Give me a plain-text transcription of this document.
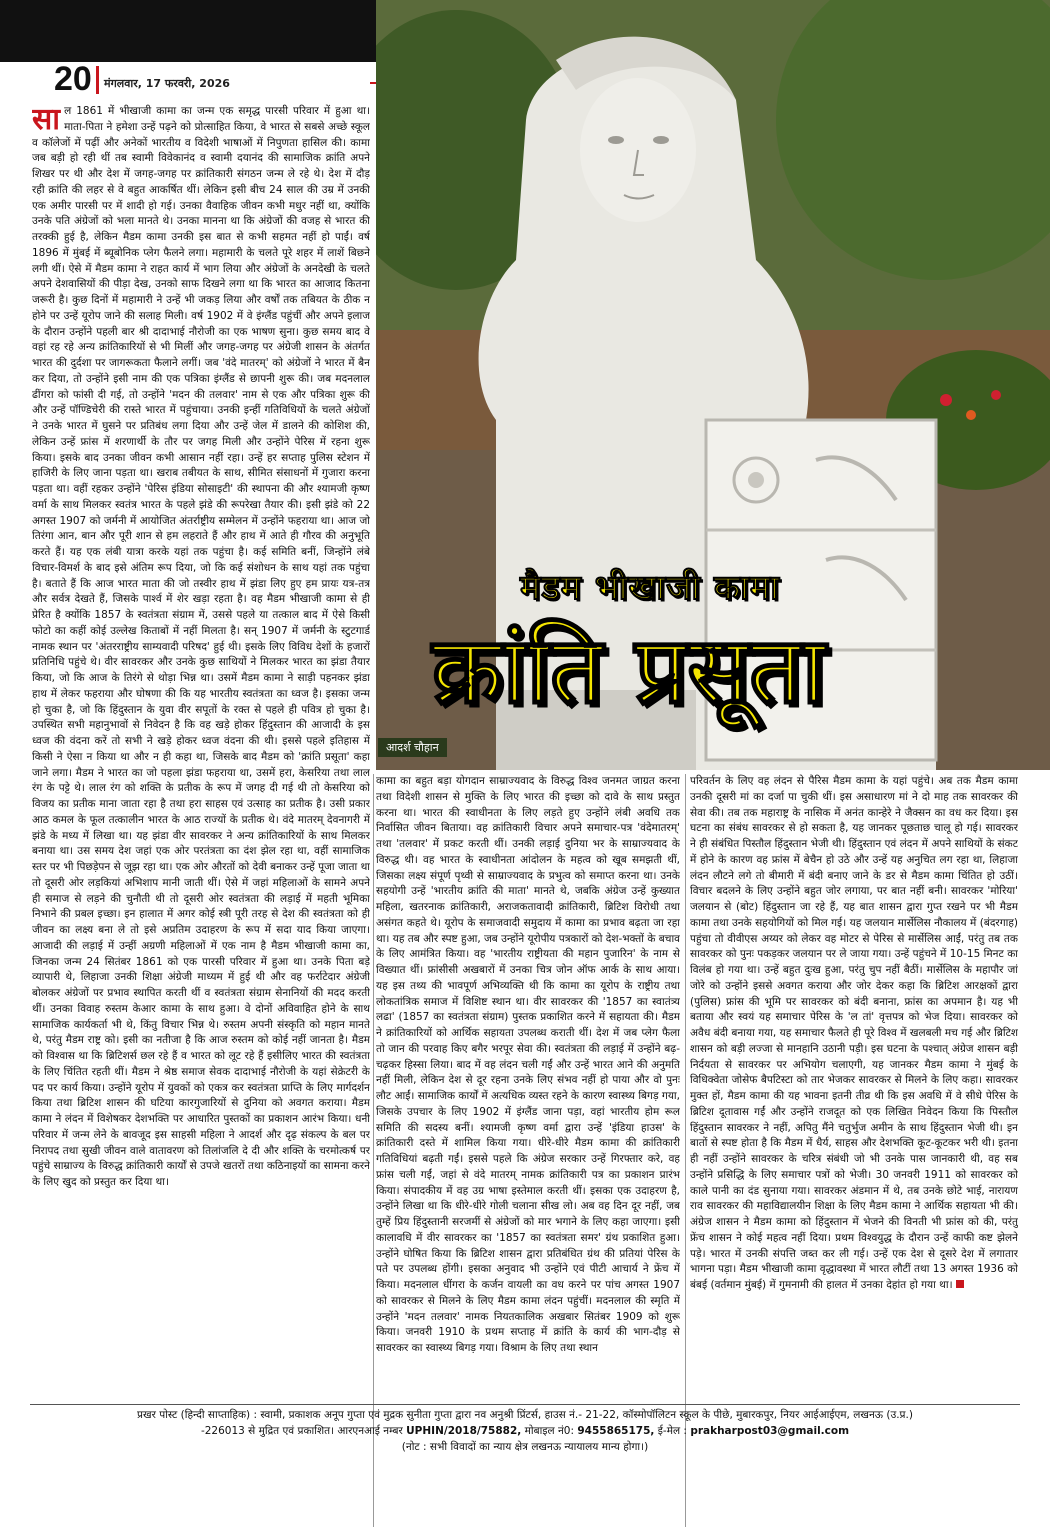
20 मंगलवार, 17 फरवरी, 2026
आदर्श चौहान
मैडम भीखाजी कामा
क्रांति प्रसूता
साल 1861 में भीखाजी कामा का जन्म एक समृद्ध पारसी परिवार में हुआ था। माता-पिता ने हमेशा उन्हें पढ़ने को प्रोत्साहित किया, वे भारत से सबसे अच्छे स्कूल व कॉलेजों में पढ़ीं और अनेकों भारतीय व विदेशी भाषाओं में निपुणता हासिल की। कामा जब बड़ी हो रही थीं तब स्वामी विवेकानंद व स्वामी दयानंद की सामाजिक क्रांति अपने शिखर पर थी और देश में जगह-जगह पर क्रांतिकारी संगठन जन्म ले रहे थे। देश में दौड़ रही क्रांति की लहर से वे बहुत आकर्षित थीं। लेकिन इसी बीच 24 साल की उम्र में उनकी एक अमीर पारसी पर में शादी हो गई। उनका वैवाहिक जीवन कभी मधुर नहीं था, क्योंकि उनके पति अंग्रेजों को भला मानते थे। उनका मानना था कि अंग्रेजों की वजह से भारत की तरक्की हुई है, लेकिन मैडम कामा उनकी इस बात से कभी सहमत नहीं हो पाईं। वर्ष 1896 में मुंबई में ब्यूबोनिक प्लेग फैलने लगा। महामारी के चलते पूरे शहर में लाशें बिछने लगी थीं। ऐसे में मैडम कामा ने राहत कार्य में भाग लिया और अंग्रेजों के अनदेखी के चलते अपने देशवासियों की पीड़ा देख, उनको साफ दिखने लगा था कि भारत का आजाद कितना जरूरी है। कुछ दिनों में महामारी ने उन्हें भी जकड़ लिया और वर्षों तक तबियत के ठीक न होने पर उन्हें यूरोप जाने की सलाह मिली। वर्ष 1902 में वे इंग्लैंड पहुंचीं और अपने इलाज के दौरान उन्होंने पहली बार श्री दादाभाई नौरोजी का एक भाषण सुना। कुछ समय बाद वे वहां रह रहे अन्य क्रांतिकारियों से भी मिलीं और जगह-जगह पर अंग्रेजी शासन के अंतर्गत भारत की दुर्दशा पर जागरूकता फैलाने लगीं। जब 'वंदे मातरम्' को अंग्रेजों ने भारत में बैन कर दिया, तो उन्होंने इसी नाम की एक पत्रिका इंग्लैंड से छापनी शुरू की। जब मदनलाल ढींगरा को फांसी दी गई, तो उन्होंने 'मदन की तलवार' नाम से एक और पत्रिका शुरू की और उन्हें पॉण्डिचेरी की रास्ते भारत में पहुंचाया। उनकी इन्हीं गतिविधियों के चलते अंग्रेजों ने उनके भारत में घुसने पर प्रतिबंध लगा दिया और उन्हें जेल में डालने की कोशिश की, लेकिन उन्हें फ्रांस में शरणार्थी के तौर पर जगह मिली और उन्होंने पेरिस में रहना शुरू किया। इसके बाद उनका जीवन कभी आसान नहीं रहा। उन्हें हर सप्ताह पुलिस स्टेशन में हाजिरी के लिए जाना पड़ता था। खराब तबीयत के साथ, सीमित संसाधनों में गुजारा करना पड़ता था। वहीं रहकर उन्होंने 'पेरिस इंडिया सोसाइटी' की स्थापना की और श्यामजी कृष्ण वर्मा के साथ मिलकर स्वतंत्र भारत के पहले झंडे की रूपरेखा तैयार की। इसी झंडे को 22 अगस्त 1907 को जर्मनी में आयोजित अंतर्राष्ट्रीय सम्मेलन में उन्होंने फहराया था। आज जो तिरंगा आन, बान और पूरी शान से हम लहराते हैं और हाथ में आते ही गौरव की अनुभूति करते हैं। यह एक लंबी यात्रा करके यहां तक पहुंचा है। कई समिति बनीं, जिन्होंने लंबे विचार-विमर्श के बाद इसे अंतिम रूप दिया, जो कि कई संशोधन के साथ यहां तक पहुंचा है। बताते हैं कि आज भारत माता की जो तस्वीर हाथ में झंडा लिए हुए हम प्रायः यत्र-तत्र और सर्वत्र देखते हैं, जिसके पार्श्व में शेर खड़ा रहता है। वह मैडम भीखाजी कामा से ही प्रेरित है क्योंकि 1857 के स्वतंत्रता संग्राम में, उससे पहले या तत्काल बाद में ऐसे किसी फोटो का कहीं कोई उल्लेख किताबों में नहीं मिलता है। सन् 1907 में जर्मनी के स्टुटगार्ड नामक स्थान पर 'अंतरराष्ट्रीय साम्यवादी परिषद' हुई थी। इसके लिए विविध देशों के हजारों प्रतिनिधि पहुंचे थे। वीर सावरकर और उनके कुछ साथियों ने मिलकर भारत का झंडा तैयार किया, जो कि आज के तिरंगे से थोड़ा भिन्न था। उसमें मैडम कामा ने साड़ी पहनकर झंडा हाथ में लेकर फहराया और घोषणा की कि यह भारतीय स्वतंत्रता का ध्वज है। इसका जन्म हो चुका है, जो कि हिंदुस्तान के युवा वीर सपूतों के रक्त से पहले ही पवित्र हो चुका है। उपस्थित सभी महानुभावों से निवेदन है कि वह खड़े होकर हिंदुस्तान की आजादी के इस ध्वज की वंदना करें तो सभी ने खड़े होकर ध्वज वंदना की थी। इससे पहले इतिहास में किसी ने ऐसा न किया था और न ही कहा था, जिसके बाद मैडम को 'क्रांति प्रसूता' कहा जाने लगा। मैडम ने भारत का जो पहला झंडा फहराया था, उसमें हरा, केसरिया तथा लाल रंग के पट्टे थे। लाल रंग को शक्ति के प्रतीक के रूप में जगह दी गई थी तो केसरिया को विजय का प्रतीक माना जाता रहा है तथा हरा साहस एवं उत्साह का प्रतीक है। उसी प्रकार आठ कमल के फूल तत्कालीन भारत के आठ राज्यों के प्रतीक थे। वंदे मातरम् देवनागरी में झंडे के मध्य में लिखा था। यह झंडा वीर सावरकर ने अन्य क्रांतिकारियों के साथ मिलकर बनाया था। उस समय देश जहां एक ओर परतंत्रता का दंश झेल रहा था, वहीं सामाजिक स्तर पर भी पिछड़ेपन से जूझ रहा था। एक ओर औरतों को देवी बनाकर उन्हें पूजा जाता था तो दूसरी ओर लड़कियां अभिशाप मानी जाती थीं। ऐसे में जहां महिलाओं के सामने अपने ही समाज से लड़ने की चुनौती थी तो दूसरी ओर स्वतंत्रता की लड़ाई में महती भूमिका निभाने की प्रबल इच्छा। इन हालात में अगर कोई स्त्री पूरी तरह से देश की स्वतंत्रता को ही जीवन का लक्ष्य बना ले तो इसे अप्रतिम उदाहरण के रूप में सदा याद किया जाएगा। आजादी की लड़ाई में उन्हीं अग्रणी महिलाओं में एक नाम है मैडम भीखाजी कामा का, जिनका जन्म 24 सितंबर 1861 को एक पारसी परिवार में हुआ था। उनके पिता बड़े व्यापारी थे, लिहाजा उनकी शिक्षा अंग्रेजी माध्यम में हुई थी और वह फर्राटेदार अंग्रेजी बोलकर अंग्रेजों पर प्रभाव स्थापित करती थीं व स्वतंत्रता संग्राम सेनानियों की मदद करती थीं। उनका विवाह रुस्तम केआर कामा के साथ हुआ। वे दोनों अविवाहित होने के साथ सामाजिक कार्यकर्ता भी थे, किंतु विचार भिन्न थे। रुस्तम अपनी संस्कृति को महान मानते थे, परंतु मैडम राष्ट्र को। इसी का नतीजा है कि आज रुस्तम को कोई नहीं जानता है। मैडम को विश्वास था कि ब्रिटिशर्स छल रहे हैं व भारत को लूट रहे हैं इसीलिए भारत की स्वतंत्रता के लिए चिंतित रहती थीं। मैडम ने श्रेष्ठ समाज सेवक दादाभाई नौरोजी के यहां सेक्रेटरी के पद पर कार्य किया। उन्होंने यूरोप में युवकों को एकत्र कर स्वतंत्रता प्राप्ति के लिए मार्गदर्शन किया तथा ब्रिटिश शासन की घटिया कारगुजारियों से दुनिया को अवगत कराया। मैडम कामा ने लंदन में विशेषकर देशभक्ति पर आधारित पुस्तकों का प्रकाशन आरंभ किया। धनी परिवार में जन्म लेने के बावजूद इस साहसी महिला ने आदर्श और दृढ़ संकल्प के बल पर निरापद तथा सुखी जीवन वाले वातावरण को तिलांजलि दे दी और शक्ति के चरमोत्कर्ष पर पहुंचे साम्राज्य के विरुद्ध क्रांतिकारी कार्यों से उपजे खतरों तथा कठिनाइयों का सामना करने के लिए खुद को प्रस्तुत कर दिया था।
कामा का बहुत बड़ा योगदान साम्राज्यवाद के विरुद्ध विश्व जनमत जाग्रत करना तथा विदेशी शासन से मुक्ति के लिए भारत की इच्छा को दावे के साथ प्रस्तुत करना था। भारत की स्वाधीनता के लिए लड़ते हुए उन्होंने लंबी अवधि तक निर्वासित जीवन बिताया। वह क्रांतिकारी विचार अपने समाचार-पत्र 'वंदेमातरम्' तथा 'तलवार' में प्रकट करती थीं। उनकी लड़ाई दुनिया भर के साम्राज्यवाद के विरुद्ध थी। वह भारत के स्वाधीनता आंदोलन के महत्व को खूब समझती थीं, जिसका लक्ष्य संपूर्ण पृथ्वी से साम्राज्यवाद के प्रभुत्व को समाप्त करना था। उनके सहयोगी उन्हें 'भारतीय क्रांति की माता' मानते थे, जबकि अंग्रेज उन्हें कुख्यात महिला, खतरनाक क्रांतिकारी, अराजकतावादी क्रांतिकारी, ब्रिटिश विरोधी तथा असंगत कहते थे। यूरोप के समाजवादी समुदाय में कामा का प्रभाव बढ़ता जा रहा था। यह तब और स्पष्ट हुआ, जब उन्होंने यूरोपीय पत्रकारों को देश-भक्तों के बचाव के लिए आमंत्रित किया। वह 'भारतीय राष्ट्रीयता की महान पुजारिन' के नाम से विख्यात थीं। फ्रांसीसी अखबारों में उनका चित्र जोन ऑफ आर्क के साथ आया। यह इस तथ्य की भावपूर्ण अभिव्यक्ति थी कि कामा का यूरोप के राष्ट्रीय तथा लोकतांत्रिक समाज में विशिष्ट स्थान था। वीर सावरकर की '1857 का स्वातंत्र्य लढा' (1857 का स्वतंत्रता संग्राम) पुस्तक प्रकाशित करने में सहायता की। मैडम ने क्रांतिकारियों को आर्थिक सहायता उपलब्ध कराती थीं। देश में जब प्लेग फैला तो जान की परवाह किए बगैर भरपूर सेवा की। स्वतंत्रता की लड़ाई में उन्होंने बढ़-चढ़कर हिस्सा लिया। बाद में वह लंदन चली गईं और उन्हें भारत आने की अनुमति नहीं मिली, लेकिन देश से दूर रहना उनके लिए संभव नहीं हो पाया और वो पुनः लौट आईं। सामाजिक कार्यों में अत्यधिक व्यस्त रहने के कारण स्वास्थ्य बिगड़ गया, जिसके उपचार के लिए 1902 में इंग्लैंड जाना पड़ा, वहां भारतीय होम रूल समिति की सदस्य बनीं। श्यामजी कृष्ण वर्मा द्वारा उन्हें 'इंडिया हाउस' के क्रांतिकारी दस्ते में शामिल किया गया। धीरे-धीरे मैडम कामा की क्रांतिकारी गतिविधियां बढ़ती गईं। इससे पहले कि अंग्रेज सरकार उन्हें गिरफ्तार करे, वह फ्रांस चली गईं, जहां से वंदे मातरम् नामक क्रांतिकारी पत्र का प्रकाशन प्रारंभ किया। संपादकीय में वह उग्र भाषा इस्तेमाल करती थीं। इसका एक उदाहरण है, उन्होंने लिखा था कि धीरे-धीरे गोली चलाना सीख लो। अब वह दिन दूर नहीं, जब तुम्हें प्रिय हिंदुस्तानी सरजमीं से अंग्रेजों को मार भगाने के लिए कहा जाएगा। इसी कालावधि में वीर सावरकर का '1857 का स्वतंत्रता समर' ग्रंथ प्रकाशित हुआ। उन्होंने घोषित किया कि ब्रिटिश शासन द्वारा प्रतिबंधित ग्रंथ की प्रतियां पेरिस के पते पर उपलब्ध होंगी। इसका अनुवाद भी उन्होंने एवं पीटी आचार्य ने फ्रेंच में किया। मदनलाल धींगरा के कर्जन वायली का वध करने पर पांच अगस्त 1907 को सावरकर से मिलने के लिए मैडम कामा लंदन पहुंचीं। मदनलाल की स्मृति में उन्होंने 'मदन तलवार' नामक नियतकालिक अखबार सितंबर 1909 को शुरू किया। जनवरी 1910 के प्रथम सप्ताह में क्रांति के कार्य की भाग-दौड़ से सावरकर का स्वास्थ्य बिगड़ गया। विश्राम के लिए तथा स्थान
परिवर्तन के लिए वह लंदन से पैरिस मैडम कामा के यहां पहुंचे। अब तक मैडम कामा उनकी दूसरी मां का दर्जा पा चुकी थीं। इस असाधारण मां ने दो माह तक सावरकर की सेवा की। तब तक महाराष्ट्र के नासिक में अनंत कान्हेरे ने जैक्सन का वध कर दिया। इस घटना का संबंध सावरकर से हो सकता है, यह जानकर पूछताछ चालू हो गई। सावरकर ने ही संबंधित पिस्तौल हिंदुस्तान भेजी थी। हिंदुस्तान एवं लंदन में अपने साथियों के संकट में होने के कारण वह फ्रांस में बेचैन हो उठे और उन्हें यह अनुचित लग रहा था, लिहाजा लंदन लौटने लगे तो बीमारी में बंदी बनाए जाने के डर से मैडम कामा चिंतित हो उठीं। विचार बदलने के लिए उन्होंने बहुत जोर लगाया, पर बात नहीं बनी। सावरकर 'मोरिया' जलयान से (बोट) हिंदुस्तान जा रहे हैं, यह बात शासन द्वारा गुप्त रखने पर भी मैडम कामा तथा उनके सहयोगियों को मिल गई। यह जलयान मार्सेलिस नौकालय में (बंदरगाह) पहुंचा तो वीवीएस अय्यर को लेकर वह मोटर से पेरिस से मार्सेलिस आईं, परंतु तब तक सावरकर को पुनः पकड़कर जलयान पर ले जाया गया। उन्हें पहुंचने में 10-15 मिनट का विलंब हो गया था। उन्हें बहुत दुःख हुआ, परंतु चुप नहीं बैठीं। मार्सेलिस के महापौर जां जोरे को उन्होंने इससे अवगत कराया और जोर देकर कहा कि ब्रिटिश आरक्षकों द्वारा (पुलिस) फ्रांस की भूमि पर सावरकर को बंदी बनाना, फ्रांस का अपमान है। यह भी बताया और स्वयं यह समाचार पेरिस के 'ल तां' वृत्तपत्र को भेज दिया। सावरकर को अवैध बंदी बनाया गया, यह समाचार फैलते ही पूरे विश्व में खलबली मच गई और ब्रिटिश शासन को बड़ी लज्जा से मानहानि उठानी पड़ी। इस घटना के पश्चात् अंग्रेज शासन बड़ी निर्दयता से सावरकर पर अभियोग चलाएगी, यह जानकर मैडम कामा ने मुंबई के विधिक्वेता जोसेफ बैपटिस्टा को तार भेजकर सावरकर से मिलने के लिए कहा। सावरकर मुक्त हों, मैडम कामा की यह भावना इतनी तीव्र थी कि इस अवधि में वे सीधे पेरिस के ब्रिटिश दूतावास गईं और उन्होंने राजदूत को एक लिखित निवेदन किया कि पिस्तौल हिंदुस्तान सावरकर ने नहीं, अपितु मैंने चतुर्भुज अमीन के साथ हिंदुस्तान भेजी थी। इन बातों से स्पष्ट होता है कि मैडम में धैर्य, साहस और देशभक्ति कूट-कूटकर भरी थी। इतना ही नहीं उन्होंने सावरकर के चरित्र संबंधी जो भी उनके पास जानकारी थी, वह सब उन्होंने प्रसिद्धि के लिए समाचार पत्रों को भेजी। 30 जनवरी 1911 को सावरकर को काले पानी का दंड सुनाया गया। सावरकर अंडमान में थे, तब उनके छोटे भाई, नारायण राव सावरकर की महाविद्यालयीन शिक्षा के लिए मैडम कामा ने आर्थिक सहायता भी की। अंग्रेज शासन ने मैडम कामा को हिंदुस्तान में भेजने की विनती भी फ्रांस को की, परंतु फ्रेंच शासन ने कोई महत्व नहीं दिया। प्रथम विश्वयुद्ध के दौरान उन्हें काफी कष्ट झेलने पड़े। भारत में उनकी संपत्ति जब्त कर ली गई। उन्हें एक देश से दूसरे देश में लगातार भागना पड़ा। मैडम भीखाजी कामा वृद्धावस्था में भारत लौटीं तथा 13 अगस्त 1936 को बंबई (वर्तमान मुंबई) में गुमनामी की हालत में उनका देहांत हो गया था।
प्रखर पोस्ट (हिन्दी साप्ताहिक) : स्वामी, प्रकाशक अनूप गुप्ता एवं मुद्रक सुनीता गुप्ता द्वारा नव अनुश्री प्रिंटर्स, हाउस नं.- 21-22, कॉस्मोपॉलिटन स्कूल के पीछे, मुबारकपुर, नियर आईआईएम, लखनऊ (उ.प्र.)
-226013 से मुद्रित एवं प्रकाशित। आरएनआई नम्बर UPHIN/2018/75882, मोबाइल नं0: 9455865175, ई-मेल : prakharpost03@gmail.com
(नोट : सभी विवादों का न्याय क्षेत्र लखनऊ न्यायालय मान्य होगा।)
